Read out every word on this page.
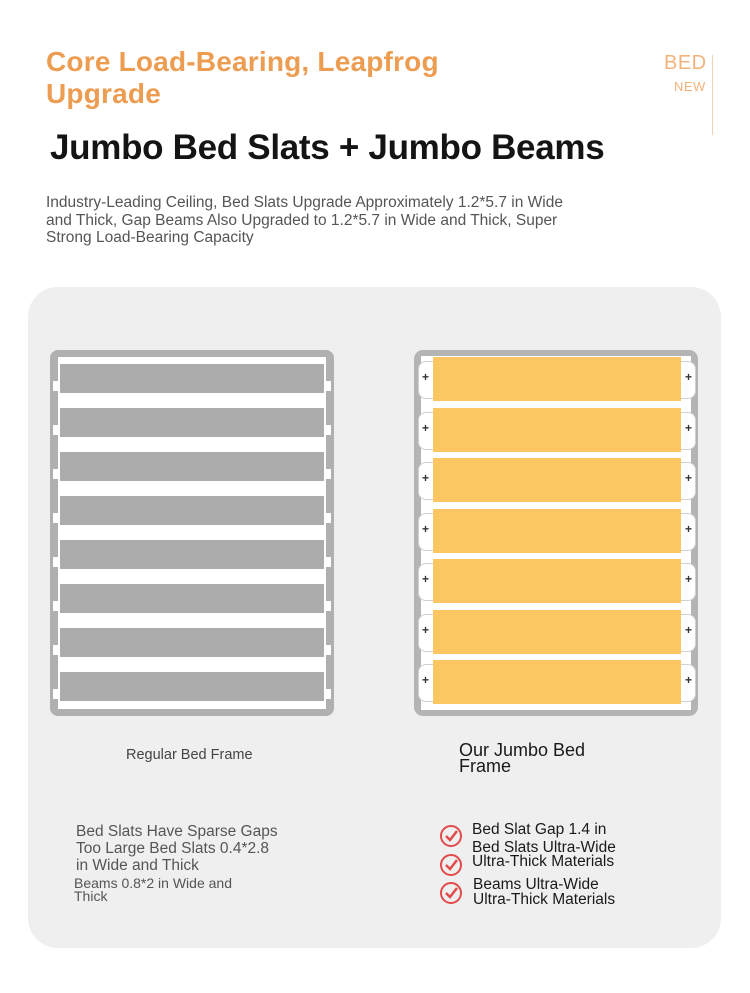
Core Load-Bearing, Leapfrog Upgrade
BED
NEW
Jumbo Bed Slats + Jumbo Beams
Industry-Leading Ceiling, Bed Slats Upgrade Approximately 1.2*5.7 in Wide and Thick, Gap Beams Also Upgraded to 1.2*5.7 in Wide and Thick, Super Strong Load-Bearing Capacity
+	+
+	+
+	+
+	+
+	+
+	+
+	+
Regular Bed Frame	Our Jumbo Bed
Frame
Bed Slats Have Sparse Gaps
Too Large Bed Slats 0.4*2.8
in Wide and Thick
Beams 0.8*2 in Wide and
Thick
Bed Slat Gap 1.4 in
Bed Slats Ultra-Wide
Ultra-Thick Materials
Beams Ultra-Wide
Ultra-Thick Materials
